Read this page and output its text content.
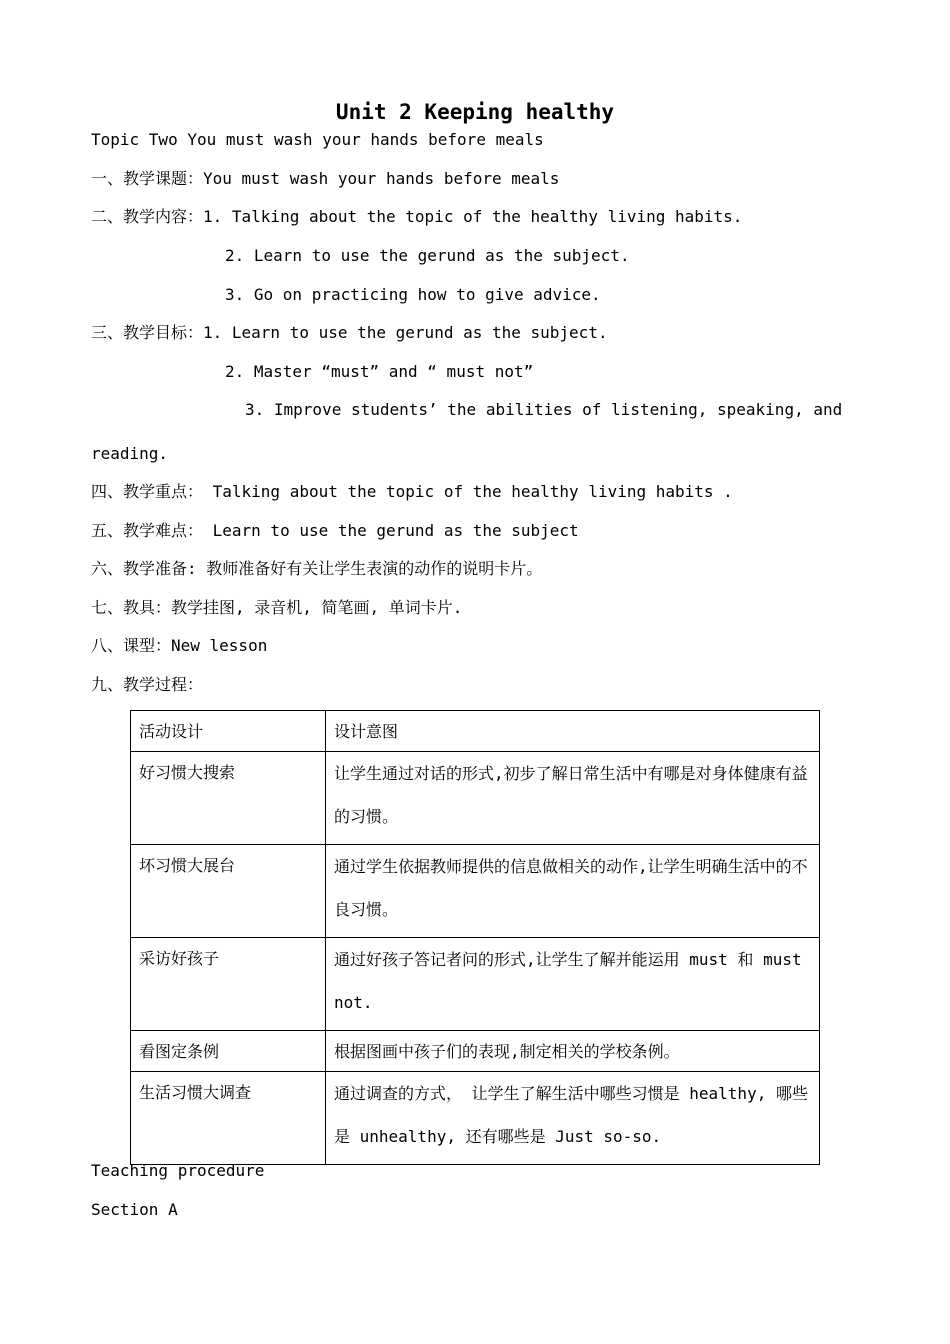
Unit 2 Keeping healthy
Topic Two You must wash your hands before meals
一、教学课题：You must wash your hands before meals
二、教学内容：1. Talking about the topic of the healthy living habits.
2. Learn to use the gerund as the subject.
3. Go on practicing how to give advice.
三、教学目标：1. Learn to use the gerund as the subject.
2. Master “must” and “ must not”
3. Improve students’ the abilities of listening, speaking, and
reading.
四、教学重点： Talking about the topic of the healthy living habits .
五、教学难点： Learn to use the gerund as the subject
六、教学准备: 教师准备好有关让学生表演的动作的说明卡片。
七、教具：教学挂图, 录音机, 简笔画, 单词卡片.
八、课型：New lesson
九、教学过程：
活动设计	设计意图
好习惯大搜索	让学生通过对话的形式,初步了解日常生活中有哪是对身体健康有益的习惯。

坏习惯大展台	通过学生依据教师提供的信息做相关的动作,让学生明确生活中的不良习惯。

采访好孩子	通过好孩子答记者问的形式,让学生了解并能运用 must 和 must not.

看图定条例	根据图画中孩子们的表现,制定相关的学校条例。

生活习惯大调查	通过调查的方式， 让学生了解生活中哪些习惯是 healthy, 哪些是 unhealthy, 还有哪些是 Just so-so.
Teaching procedure
Section A
